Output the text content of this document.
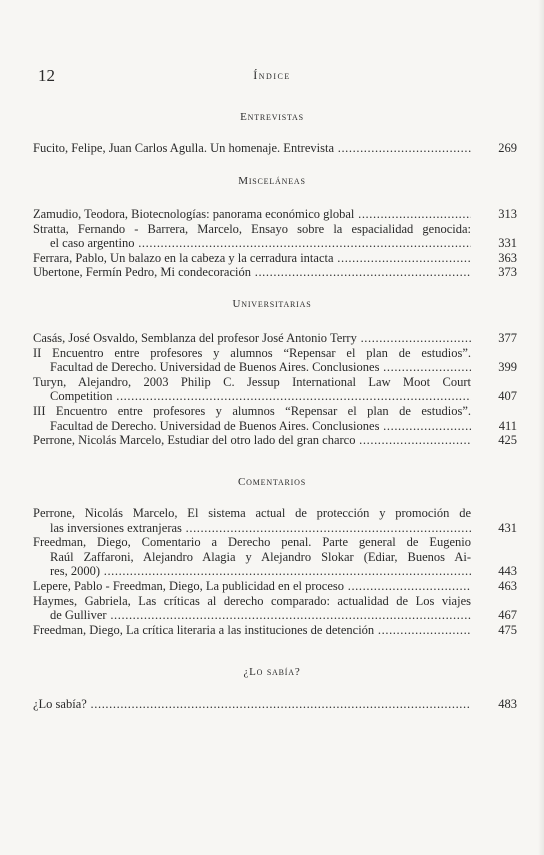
12	Índice
Entrevistas
Fucito, Felipe, Juan Carlos Agulla. Un homenaje. Entrevista .....	269
Misceláneas
Zamudio, Teodora, Biotecnologías: panorama económico global .....	313
Stratta, Fernando - Barrera, Marcelo, Ensayo sobre la espacialidad genocida:
el caso argentino .....	331
Ferrara, Pablo, Un balazo en la cabeza y la cerradura intacta .....	363
Ubertone, Fermín Pedro, Mi condecoración .....	373
Universitarias
Casás, José Osvaldo, Semblanza del profesor José Antonio Terry .....	377
II Encuentro entre profesores y alumnos “Repensar el plan de estudios”.
Facultad de Derecho. Universidad de Buenos Aires. Conclusiones .....	399
Turyn, Alejandro, 2003 Philip C. Jessup International Law Moot Court
Competition .....	407
III Encuentro entre profesores y alumnos “Repensar el plan de estudios”.
Facultad de Derecho. Universidad de Buenos Aires. Conclusiones .....	411
Perrone, Nicolás Marcelo, Estudiar del otro lado del gran charco .....	425
Comentarios
Perrone, Nicolás Marcelo, El sistema actual de protección y promoción de
las inversiones extranjeras .....	431
Freedman, Diego, Comentario a Derecho penal. Parte general de Eugenio
Raúl Zaffaroni, Alejandro Alagia y Alejandro Slokar (Ediar, Buenos Ai-
res, 2000) .....	443
Lepere, Pablo - Freedman, Diego, La publicidad en el proceso .....	463
Haymes, Gabriela, Las críticas al derecho comparado: actualidad de Los viajes
de Gulliver .....	467
Freedman, Diego, La crítica literaria a las instituciones de detención .....	475
¿Lo sabía?
¿Lo sabía? .....	483
